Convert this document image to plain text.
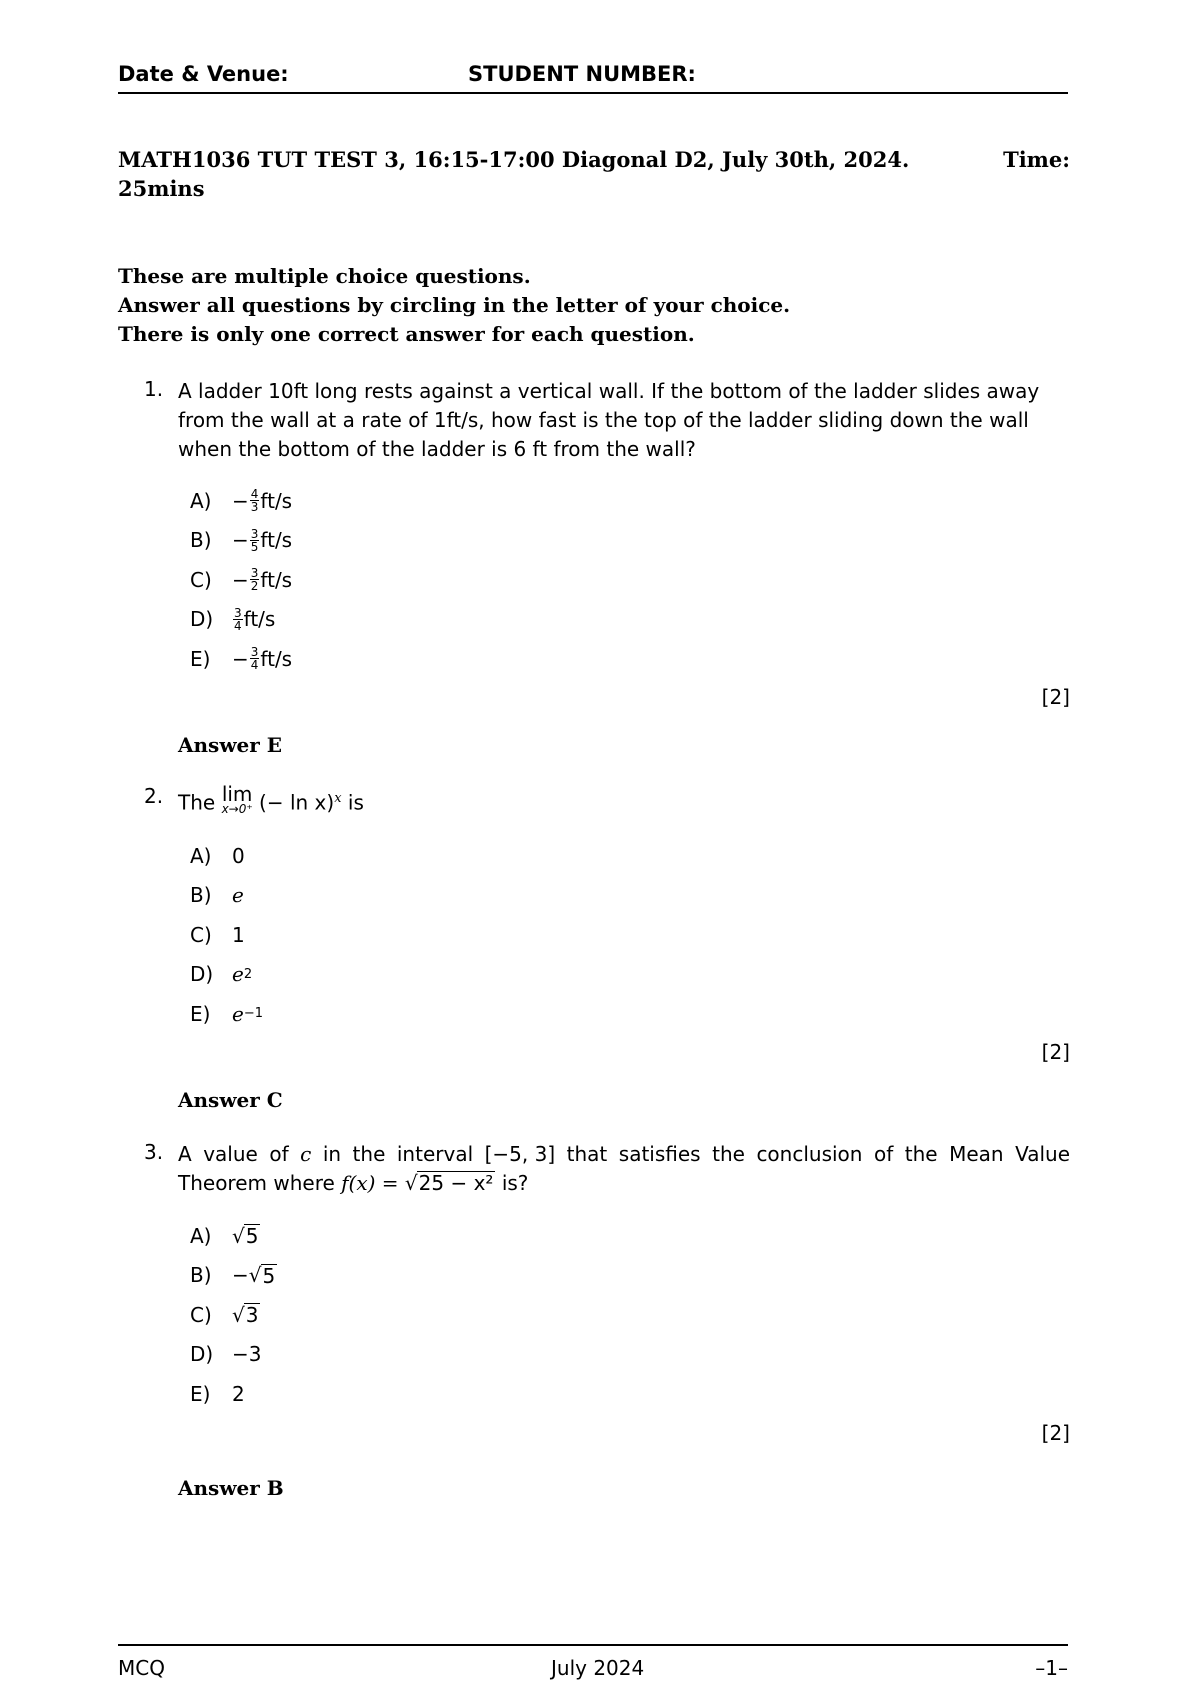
Date & Venue:	STUDENT NUMBER:
MATH1036 TUT TEST 3, 16:15-17:00 Diagonal D2, July 30th, 2024.	Time:
25mins
These are multiple choice questions.
Answer all questions by circling in the letter of your choice.
There is only one correct answer for each question.
1. A ladder 10ft long rests against a vertical wall. If the bottom of the ladder slides away
from the wall at a rate of 1ft/s, how fast is the top of the ladder sliding down the wall
when the bottom of the ladder is 6 ft from the wall?
A)	− $\frac{4}{3} ft/s$
B)	− $\frac{3}{5} ft/s$
C)	− $\frac{3}{2} ft/s$
D)	$\frac{3}{4} ft/s$
E)	− $\frac{3}{4} ft/s$
[2]
Answer E
2. The lim
x→0⁺ (− ln x)$^x$ is
A)	0
B)	e
C)	1
D) e 2
E)	e −1
[2]
Answer C
3. A value of c in the interval [−5, 3] that satisfies the conclusion of the Mean Value
Theorem where f(x) = √25 − x² is?
A)	√ 5
B)	− √ 5
C)	√ 3
D) −3
E)	2
[2]
Answer B
MCQ	July 2024	–1–
